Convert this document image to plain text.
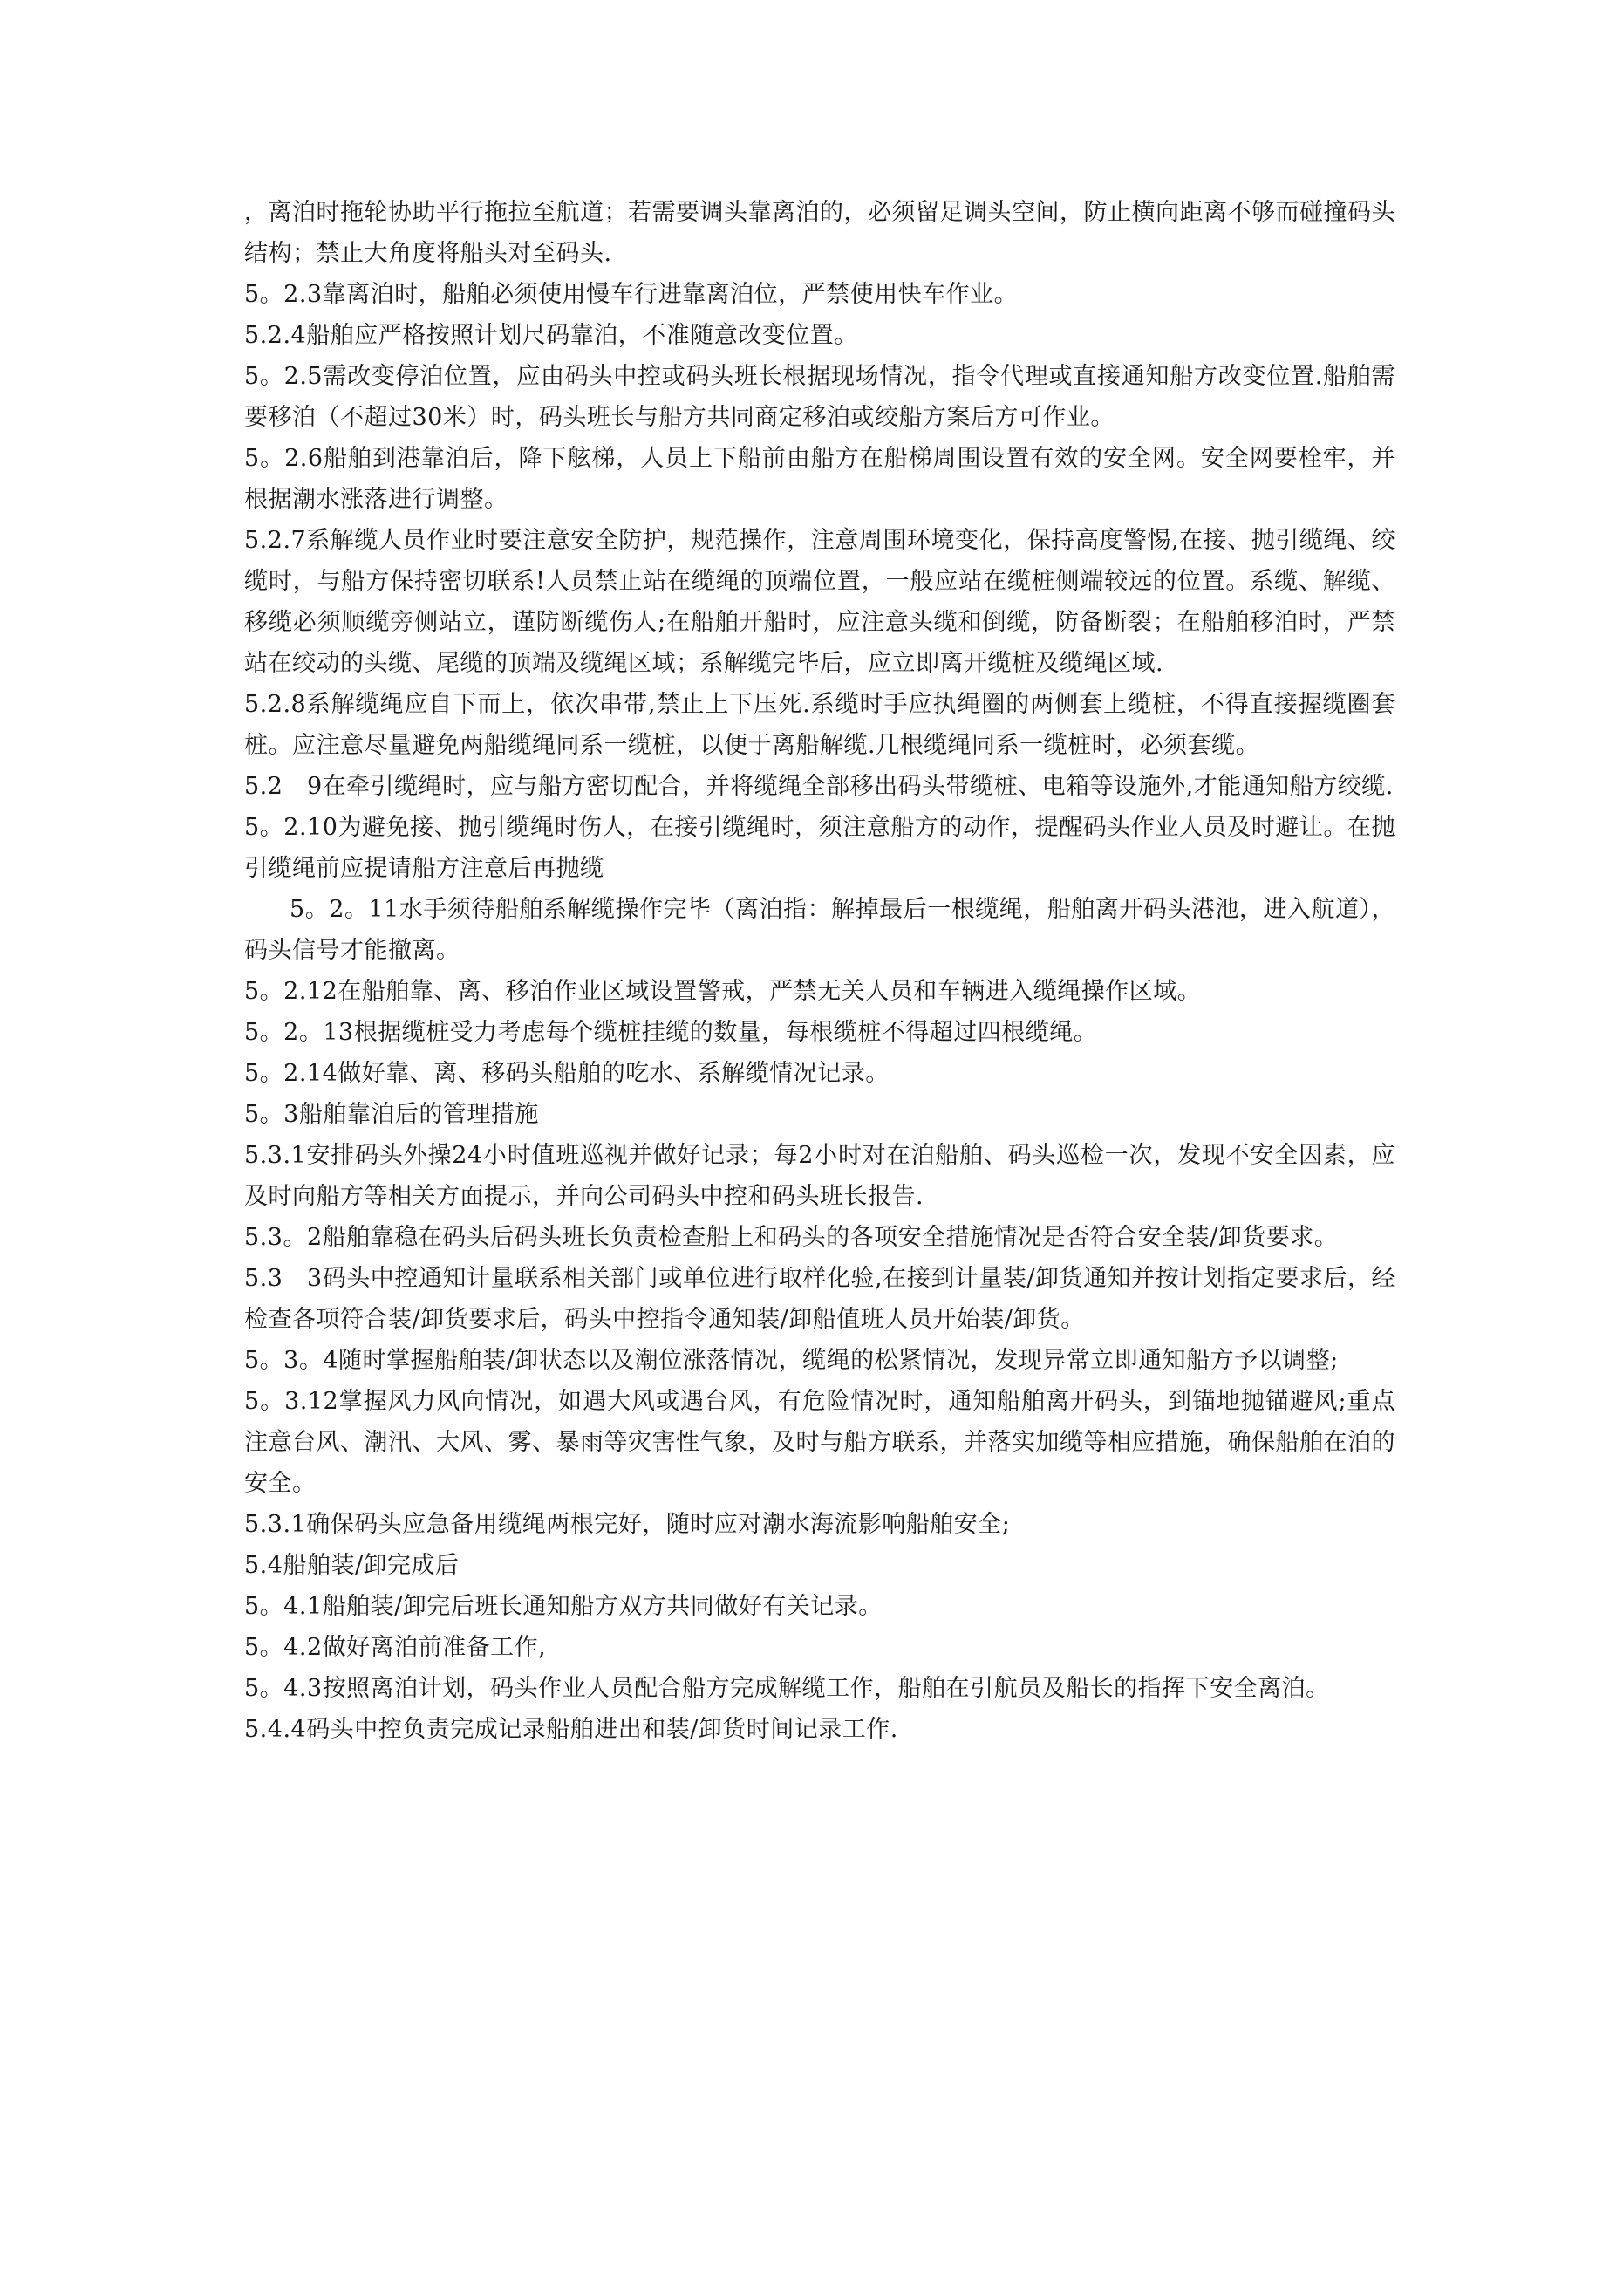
，离泊时拖轮协助平行拖拉至航道；若需要调头靠离泊的，必须留足调头空间，防止横向距离不够而碰撞码头结构；禁止大角度将船头对至码头.

5。2.3靠离泊时，船舶必须使用慢车行进靠离泊位，严禁使用快车作业。

5.2.4船舶应严格按照计划尺码靠泊，不准随意改变位置。

5。2.5需改变停泊位置，应由码头中控或码头班长根据现场情况，指令代理或直接通知船方改变位置.船舶需要移泊（不超过30米）时，码头班长与船方共同商定移泊或绞船方案后方可作业。

5。2.6船舶到港靠泊后，降下舷梯，人员上下船前由船方在船梯周围设置有效的安全网。安全网要栓牢，并根据潮水涨落进行调整。

5.2.7系解缆人员作业时要注意安全防护，规范操作，注意周围环境变化，保持高度警惕,在接、抛引缆绳、绞缆时，与船方保持密切联系!人员禁止站在缆绳的顶端位置，一般应站在缆桩侧端较远的位置。系缆、解缆、移缆必须顺缆旁侧站立，谨防断缆伤人;在船舶开船时，应注意头缆和倒缆，防备断裂；在船舶移泊时，严禁站在绞动的头缆、尾缆的顶端及缆绳区域；系解缆完毕后，应立即离开缆桩及缆绳区域.

5.2.8系解缆绳应自下而上，依次串带,禁止上下压死.系缆时手应执绳圈的两侧套上缆桩，不得直接握缆圈套桩。应注意尽量避免两船缆绳同系一缆桩，以便于离船解缆.几根缆绳同系一缆桩时，必须套缆。

5.2　9在牵引缆绳时，应与船方密切配合，并将缆绳全部移出码头带缆桩、电箱等设施外,才能通知船方绞缆.

5。2.10为避免接、抛引缆绳时伤人，在接引缆绳时，须注意船方的动作，提醒码头作业人员及时避让。在抛引缆绳前应提请船方注意后再抛缆

5。2。11水手须待船舶系解缆操作完毕（离泊指：解掉最后一根缆绳，船舶离开码头港池，进入航道），码头信号才能撤离。

5。2.12在船舶靠、离、移泊作业区域设置警戒，严禁无关人员和车辆进入缆绳操作区域。

5。2。13根据缆桩受力考虑每个缆桩挂缆的数量，每根缆桩不得超过四根缆绳。

5。2.14做好靠、离、移码头船舶的吃水、系解缆情况记录。

5。3船舶靠泊后的管理措施

5.3.1安排码头外操24小时值班巡视并做好记录；每2小时对在泊船舶、码头巡检一次，发现不安全因素，应及时向船方等相关方面提示，并向公司码头中控和码头班长报告.

5.3。2船舶靠稳在码头后码头班长负责检查船上和码头的各项安全措施情况是否符合安全装/卸货要求。

5.3　3码头中控通知计量联系相关部门或单位进行取样化验,在接到计量装/卸货通知并按计划指定要求后，经检查各项符合装/卸货要求后，码头中控指令通知装/卸船值班人员开始装/卸货。

5。3。4随时掌握船舶装/卸状态以及潮位涨落情况，缆绳的松紧情况，发现异常立即通知船方予以调整;

5。3.12掌握风力风向情况，如遇大风或遇台风，有危险情况时，通知船舶离开码头，到锚地抛锚避风;重点注意台风、潮汛、大风、雾、暴雨等灾害性气象，及时与船方联系，并落实加缆等相应措施，确保船舶在泊的安全。

5.3.1确保码头应急备用缆绳两根完好，随时应对潮水海流影响船舶安全;

5.4船舶装/卸完成后

5。4.1船舶装/卸完后班长通知船方双方共同做好有关记录。

5。4.2做好离泊前准备工作,

5。4.3按照离泊计划，码头作业人员配合船方完成解缆工作，船舶在引航员及船长的指挥下安全离泊。

5.4.4码头中控负责完成记录船舶进出和装/卸货时间记录工作.
